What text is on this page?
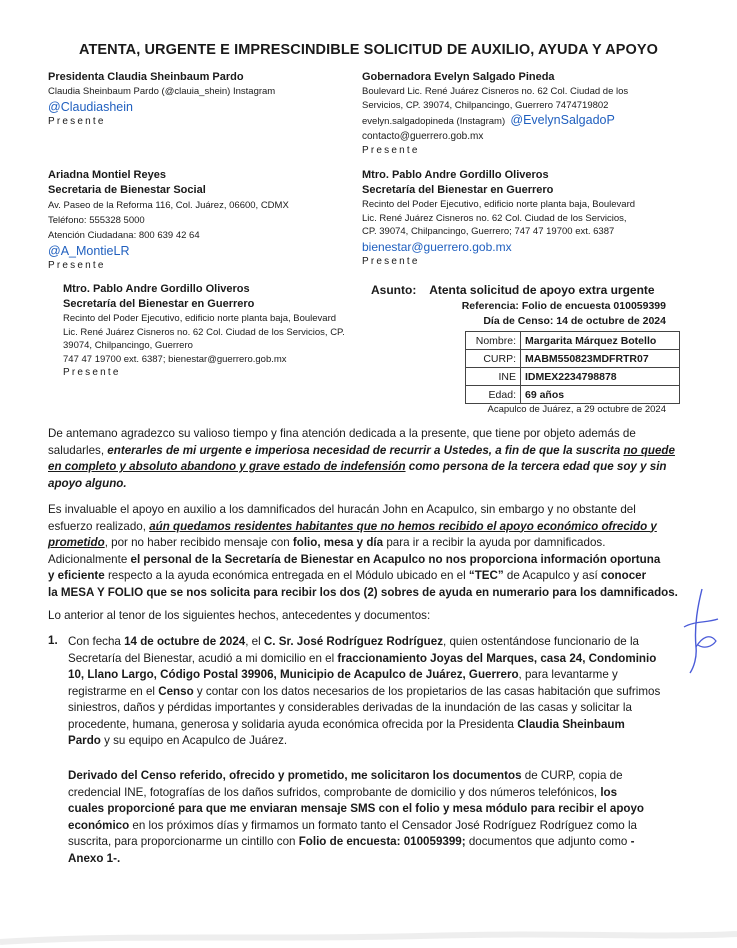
ATENTA, URGENTE E IMPRESCINDIBLE SOLICITUD DE AUXILIO, AYUDA Y APOYO
Presidenta Claudia Sheinbaum Pardo
Claudia Sheinbaum Pardo (@clauia_shein) Instagram
@Claudiashein
Presente
Gobernadora Evelyn Salgado Pineda
Boulevard Lic. René Juárez Cisneros no. 62 Col. Ciudad de los
Servicios, CP. 39074, Chilpancingo, Guerrero 7474719802
evelyn.salgadopineda (Instagram) @EvelynSalgadoP
contacto@guerrero.gob.mx
Presente
Ariadna Montiel Reyes
Secretaria de Bienestar Social
Av. Paseo de la Reforma 116, Col. Juárez, 06600, CDMX
Teléfono: 555328 5000
Atención Ciudadana: 800 639 42 64
@A_MontieLR
Presente
Mtro. Pablo Andre Gordillo Oliveros
Secretaría del Bienestar en Guerrero
Recinto del Poder Ejecutivo, edificio norte planta baja, Boulevard
Lic. René Juárez Cisneros no. 62 Col. Ciudad de los Servicios,
CP. 39074, Chilpancingo, Guerrero; 747 47 19700 ext. 6387
bienestar@guerrero.gob.mx
Presente
Mtro. Pablo Andre Gordillo Oliveros
Secretaría del Bienestar en Guerrero
Recinto del Poder Ejecutivo, edificio norte planta baja, Boulevard
Lic. René Juárez Cisneros no. 62 Col. Ciudad de los Servicios, CP.
39074, Chilpancingo, Guerrero
747 47 19700 ext. 6387; bienestar@guerrero.gob.mx
Presente
Asunto: Atenta solicitud de apoyo extra urgente
Referencia: Folio de encuesta 010059399
Día de Censo: 14 de octubre de 2024
Nombre:	Margarita Márquez Botello
CURP:	MABM550823MDFRTR07
INE	IDMEX2234798878
Edad:	69 años
Acapulco de Juárez, a 29 octubre de 2024
De antemano agradezco su valioso tiempo y fina atención dedicada a la presente, que tiene por objeto además de
saludarles, enterarles de mi urgente e imperiosa necesidad de recurrir a Ustedes, a fin de que la suscrita no quede
en completo y absoluto abandono y grave estado de indefensión como persona de la tercera edad que soy y sin
apoyo alguno.
Es invaluable el apoyo en auxilio a los damnificados del huracán John en Acapulco, sin embargo y no obstante del
esfuerzo realizado, aún quedamos residentes habitantes que no hemos recibido el apoyo económico ofrecido y
prometido, por no haber recibido mensaje con folio, mesa y día para ir a recibir la ayuda por damnificados.
Adicionalmente el personal de la Secretaría de Bienestar en Acapulco no nos proporciona información oportuna
y eficiente respecto a la ayuda económica entregada en el Módulo ubicado en el “TEC” de Acapulco y así conocer
la MESA Y FOLIO que se nos solicita para recibir los dos (2) sobres de ayuda en numerario para los damnificados.
Lo anterior al tenor de los siguientes hechos, antecedentes y documentos:
1. Con fecha 14 de octubre de 2024, el C. Sr. José Rodríguez Rodríguez, quien ostentándose funcionario de la
Secretaría del Bienestar, acudió a mi domicilio en el fraccionamiento Joyas del Marques, casa 24, Condominio
10, Llano Largo, Código Postal 39906, Municipio de Acapulco de Juárez, Guerrero, para levantarme y
registrarme en el Censo y contar con los datos necesarios de los propietarios de las casas habitación que sufrimos
siniestros, daños y pérdidas importantes y considerables derivadas de la inundación de las casas y solicitar la
procedente, humana, generosa y solidaria ayuda económica ofrecida por la Presidenta Claudia Sheinbaum
Pardo y su equipo en Acapulco de Juárez.
Derivado del Censo referido, ofrecido y prometido, me solicitaron los documentos de CURP, copia de
credencial INE, fotografías de los daños sufridos, comprobante de domicilio y dos números telefónicos, los
cuales proporcioné para que me enviaran mensaje SMS con el folio y mesa módulo para recibir el apoyo
económico en los próximos días y firmamos un formato tanto el Censador José Rodríguez Rodríguez como la
suscrita, para proporcionarme un cintillo con Folio de encuesta: 010059399; documentos que adjunto como -
Anexo 1-.
